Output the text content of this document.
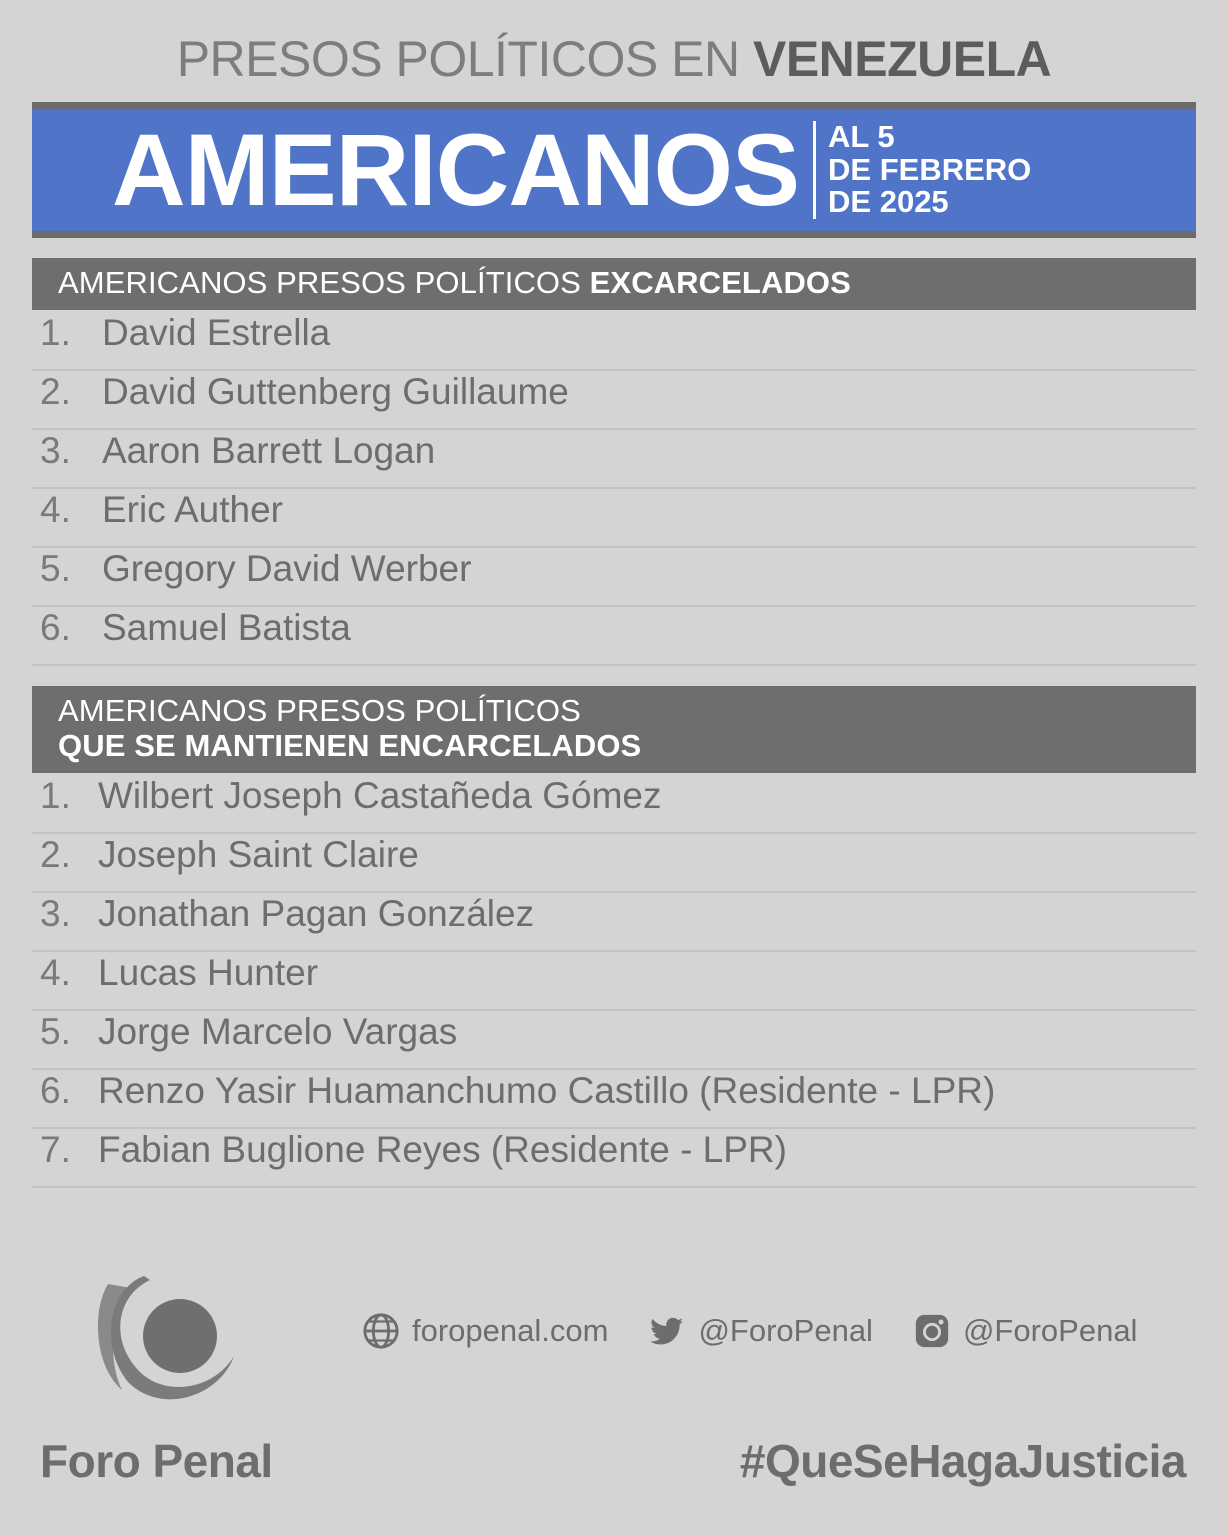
PRESOS POLÍTICOS EN VENEZUELA
AMERICANOS AL 5
DE FEBRERO
DE 2025
AMERICANOS PRESOS POLÍTICOS EXCARCELADOS
1. David Estrella
2. David Guttenberg Guillaume
3. Aaron Barrett Logan
4. Eric Auther
5. Gregory David Werber
6. Samuel Batista
AMERICANOS PRESOS POLÍTICOS
QUE SE MANTIENEN ENCARCELADOS
1. Wilbert Joseph Castañeda Gómez
2. Joseph Saint Claire
3. Jonathan Pagan González
4. Lucas Hunter
5. Jorge Marcelo Vargas
6. Renzo Yasir Huamanchumo Castillo (Residente - LPR)
7. Fabian Buglione Reyes (Residente - LPR)
foropenal.com	@ForoPenal	@ForoPenal
Foro Penal	#QueSeHagaJusticia
